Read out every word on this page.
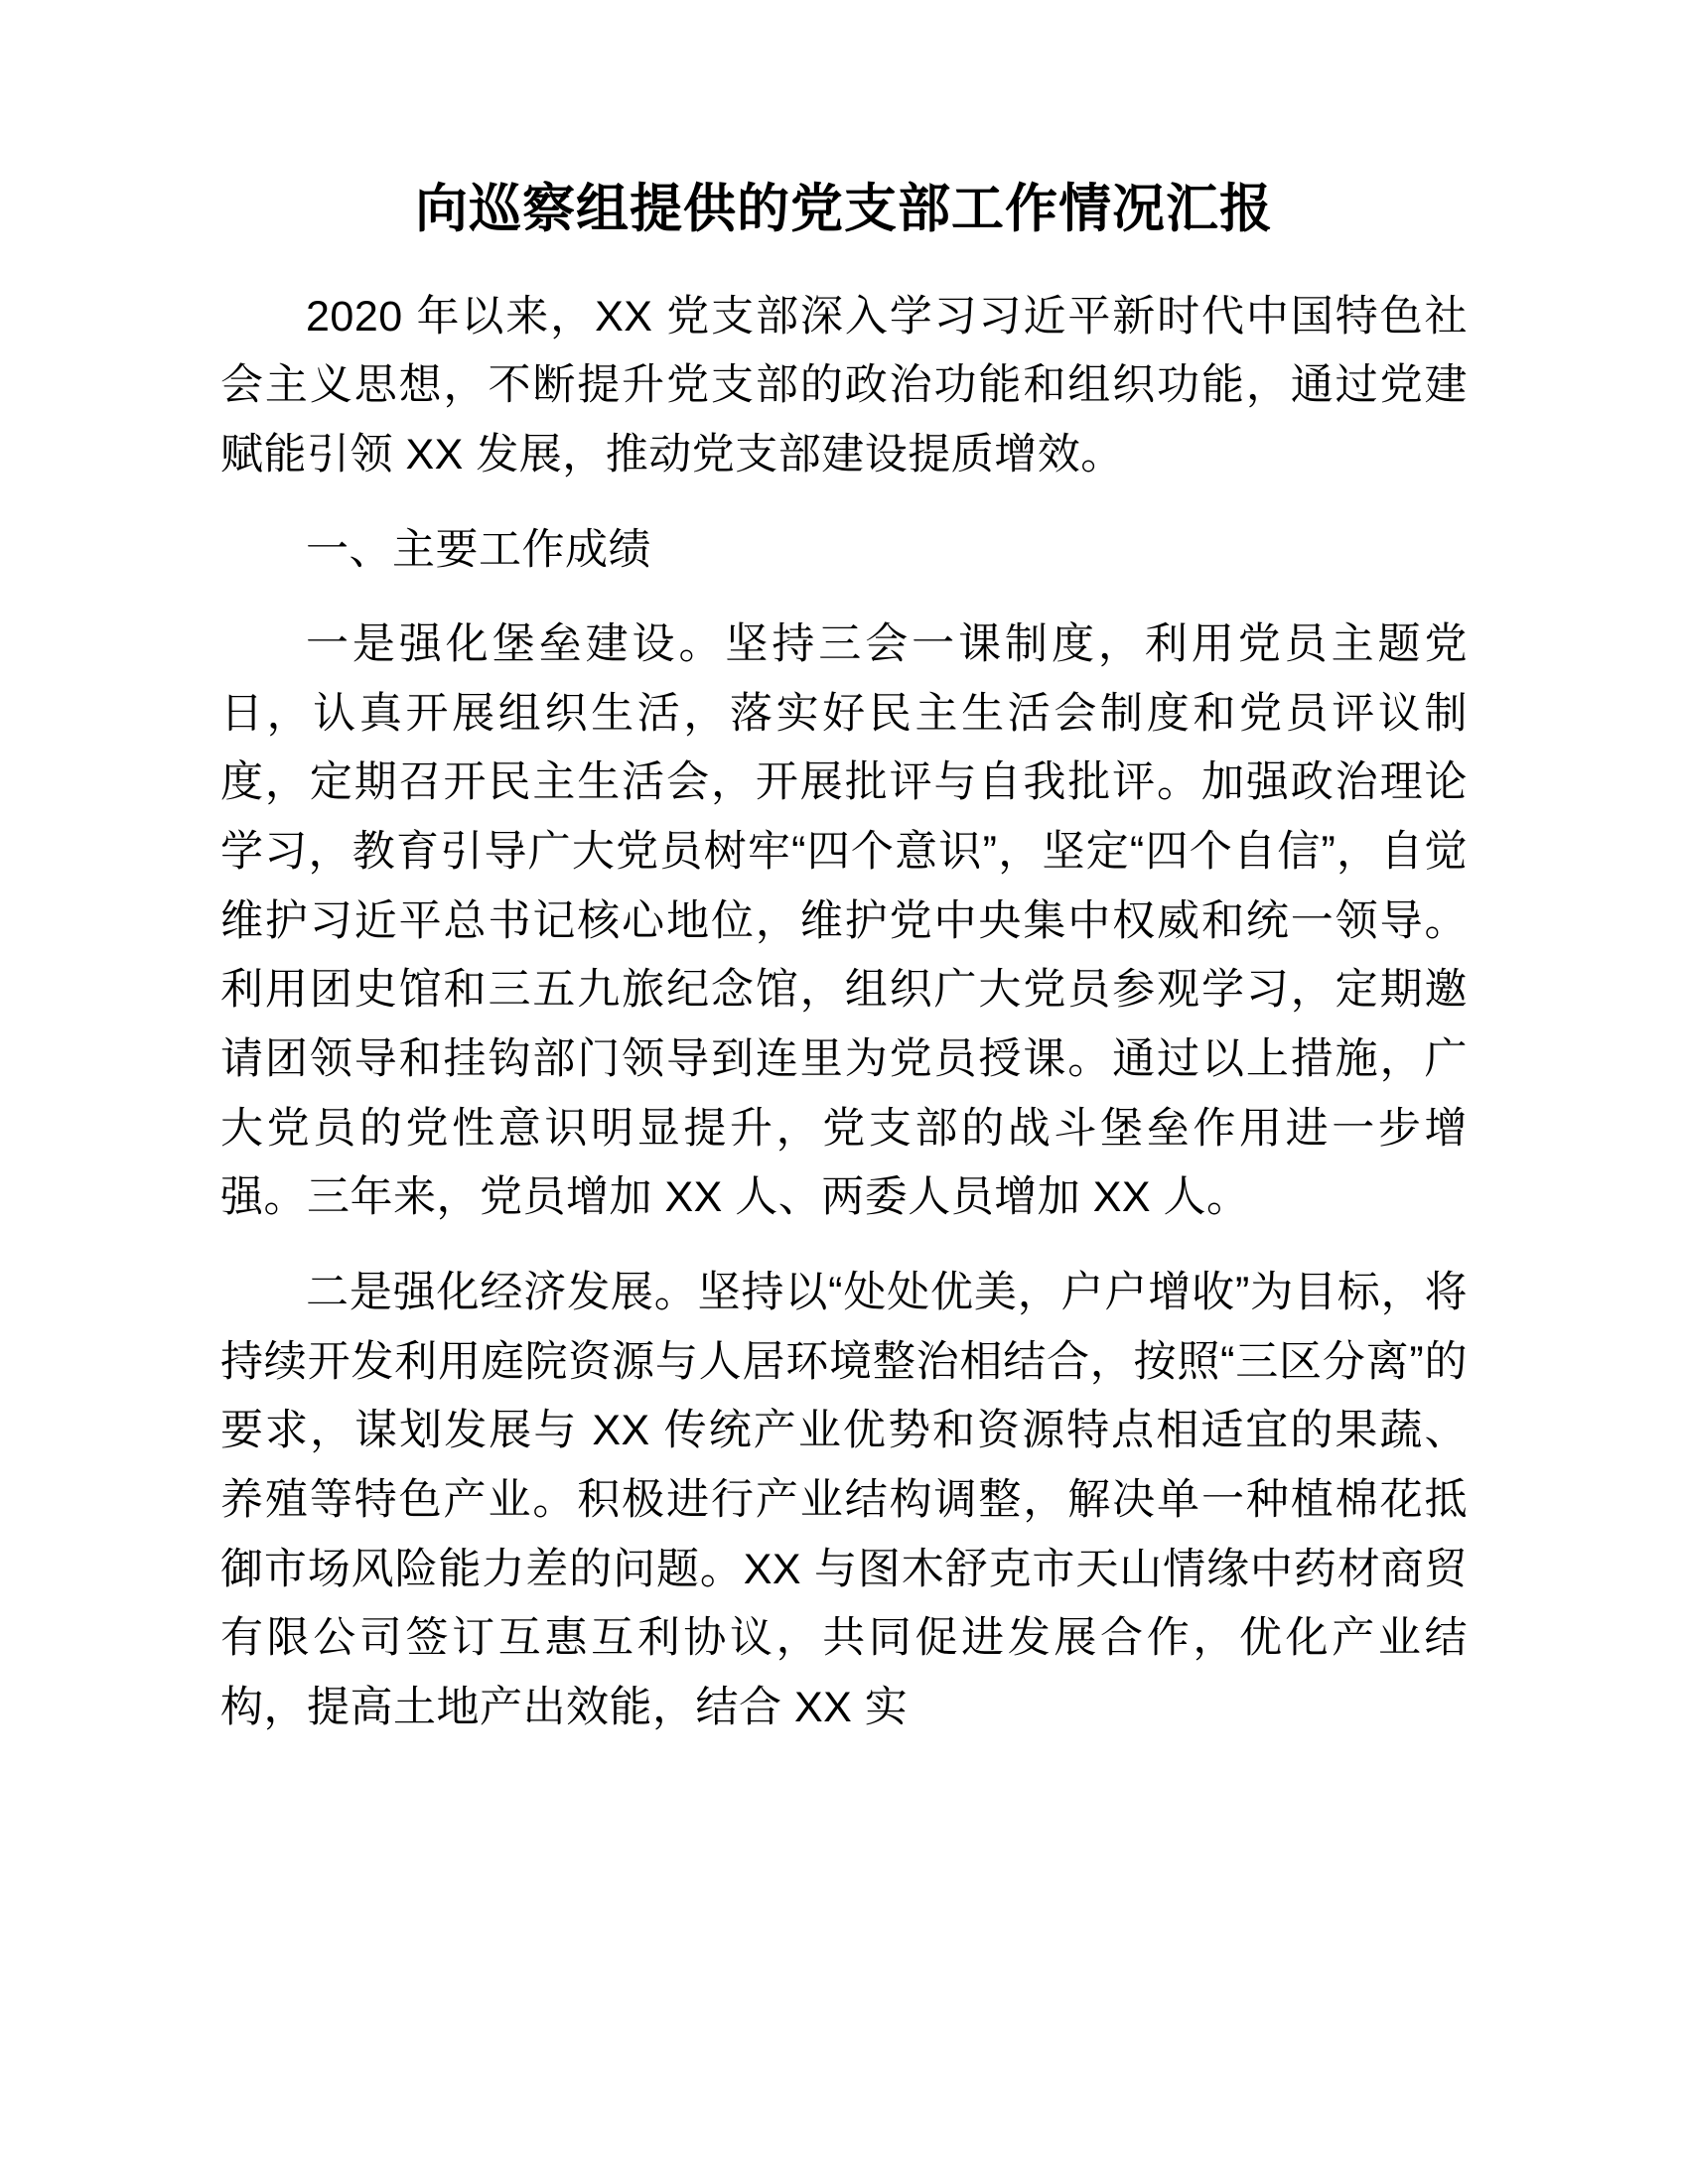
向巡察组提供的党支部工作情况汇报

2020 年以来，XX 党支部深入学习习近平新时代中国特色社会主义思想，不断提升党支部的政治功能和组织功能，通过党建赋能引领 XX 发展，推动党支部建设提质增效。

一、主要工作成绩

一是强化堡垒建设。坚持三会一课制度，利用党员主题党日，认真开展组织生活，落实好民主生活会制度和党员评议制度，定期召开民主生活会，开展批评与自我批评。加强政治理论学习，教育引导广大党员树牢“四个意识”，坚定“四个自信”，自觉维护习近平总书记核心地位，维护党中央集中权威和统一领导。利用团史馆和三五九旅纪念馆，组织广大党员参观学习，定期邀请团领导和挂钩部门领导到连里为党员授课。通过以上措施，广大党员的党性意识明显提升，党支部的战斗堡垒作用进一步增强。三年来，党员增加 XX 人、两委人员增加 XX 人。

二是强化经济发展。坚持以“处处优美，户户增收”为目标，将持续开发利用庭院资源与人居环境整治相结合，按照“三区分离”的要求，谋划发展与 XX 传统产业优势和资源特点相适宜的果蔬、养殖等特色产业。积极进行产业结构调整，解决单一种植棉花抵御市场风险能力差的问题。XX 与图木舒克市天山情缘中药材商贸有限公司签订互惠互利协议，共同促进发展合作，优化产业结构，提高土地产出效能，结合 XX 实
